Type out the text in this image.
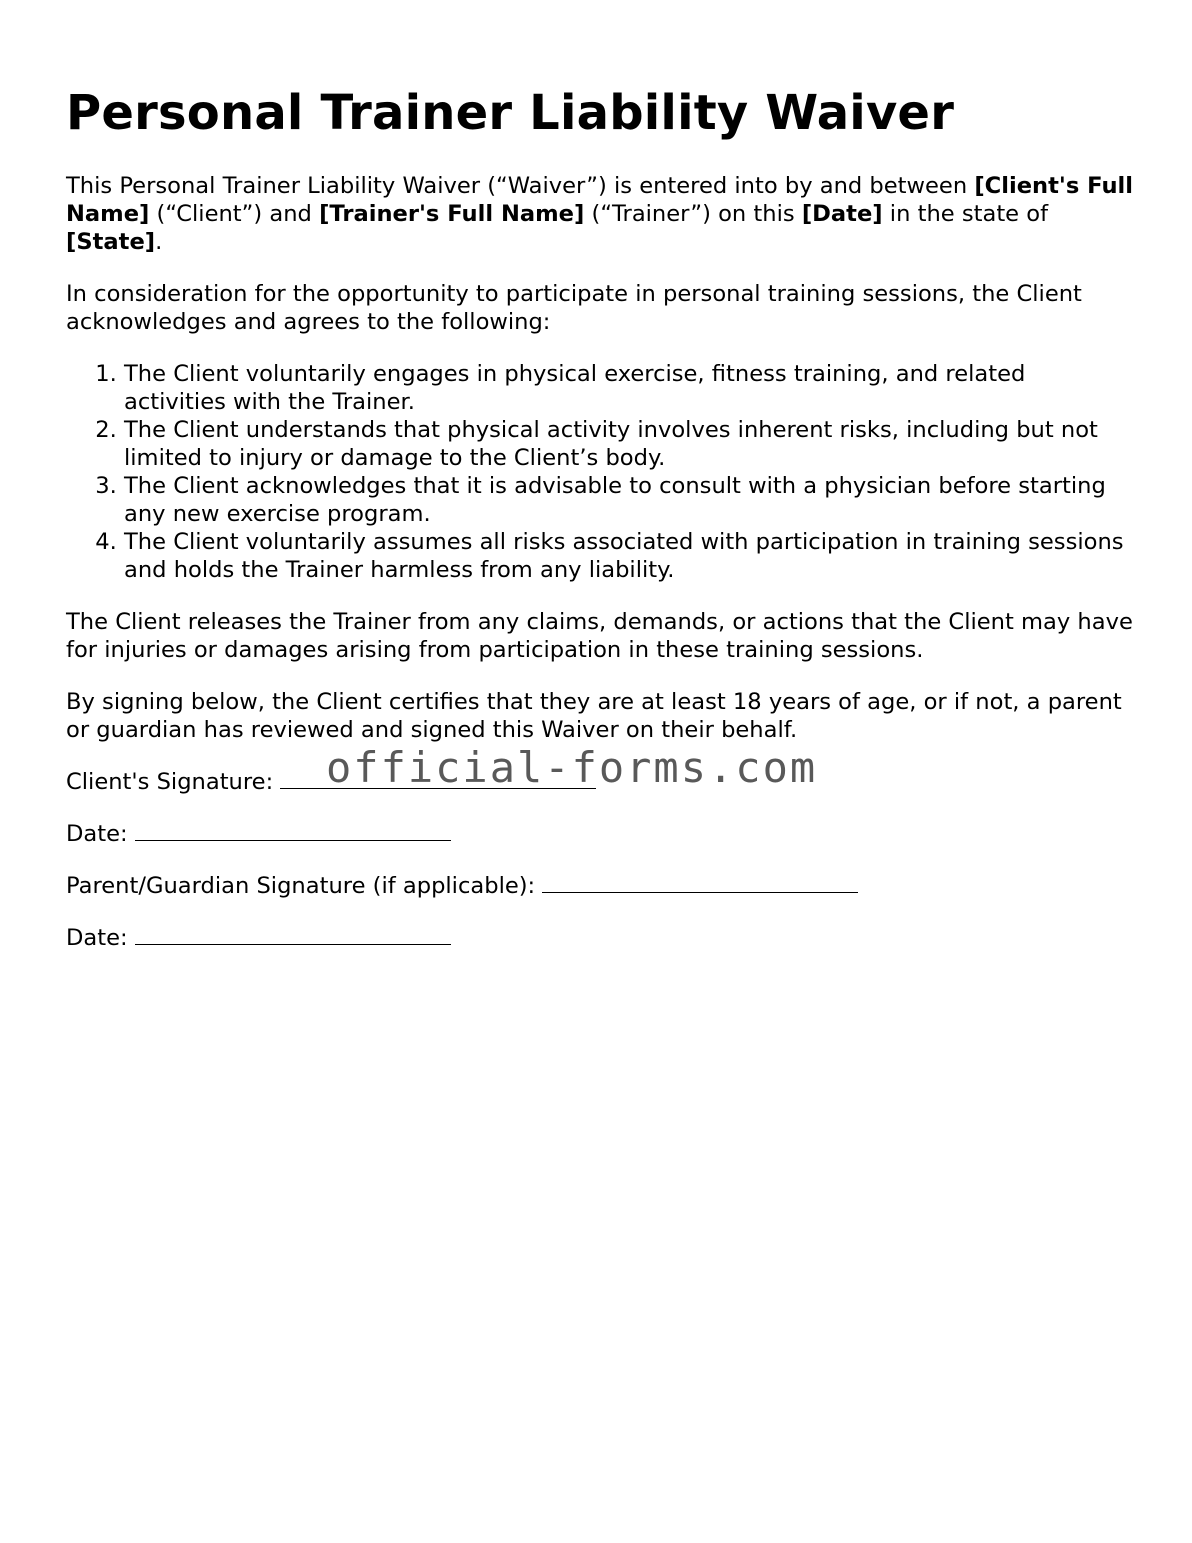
Personal Trainer Liability Waiver

This Personal Trainer Liability Waiver (“Waiver”) is entered into by and between [Client's Full Name] (“Client”) and [Trainer's Full Name] (“Trainer”) on this [Date] in the state of [State].

In consideration for the opportunity to participate in personal training sessions, the Client acknowledges and agrees to the following:

1. The Client voluntarily engages in physical exercise, fitness training, and related activities with the Trainer.
2. The Client understands that physical activity involves inherent risks, including but not limited to injury or damage to the Client’s body.
3. The Client acknowledges that it is advisable to consult with a physician before starting any new exercise program.
4. The Client voluntarily assumes all risks associated with participation in training sessions and holds the Trainer harmless from any liability.

The Client releases the Trainer from any claims, demands, or actions that the Client may have for injuries or damages arising from participation in these training sessions.

By signing below, the Client certifies that they are at least 18 years of age, or if not, a parent or guardian has reviewed and signed this Waiver on their behalf.

Client's Signature: official-forms.com
Date:
Parent/Guardian Signature (if applicable):
Date:
